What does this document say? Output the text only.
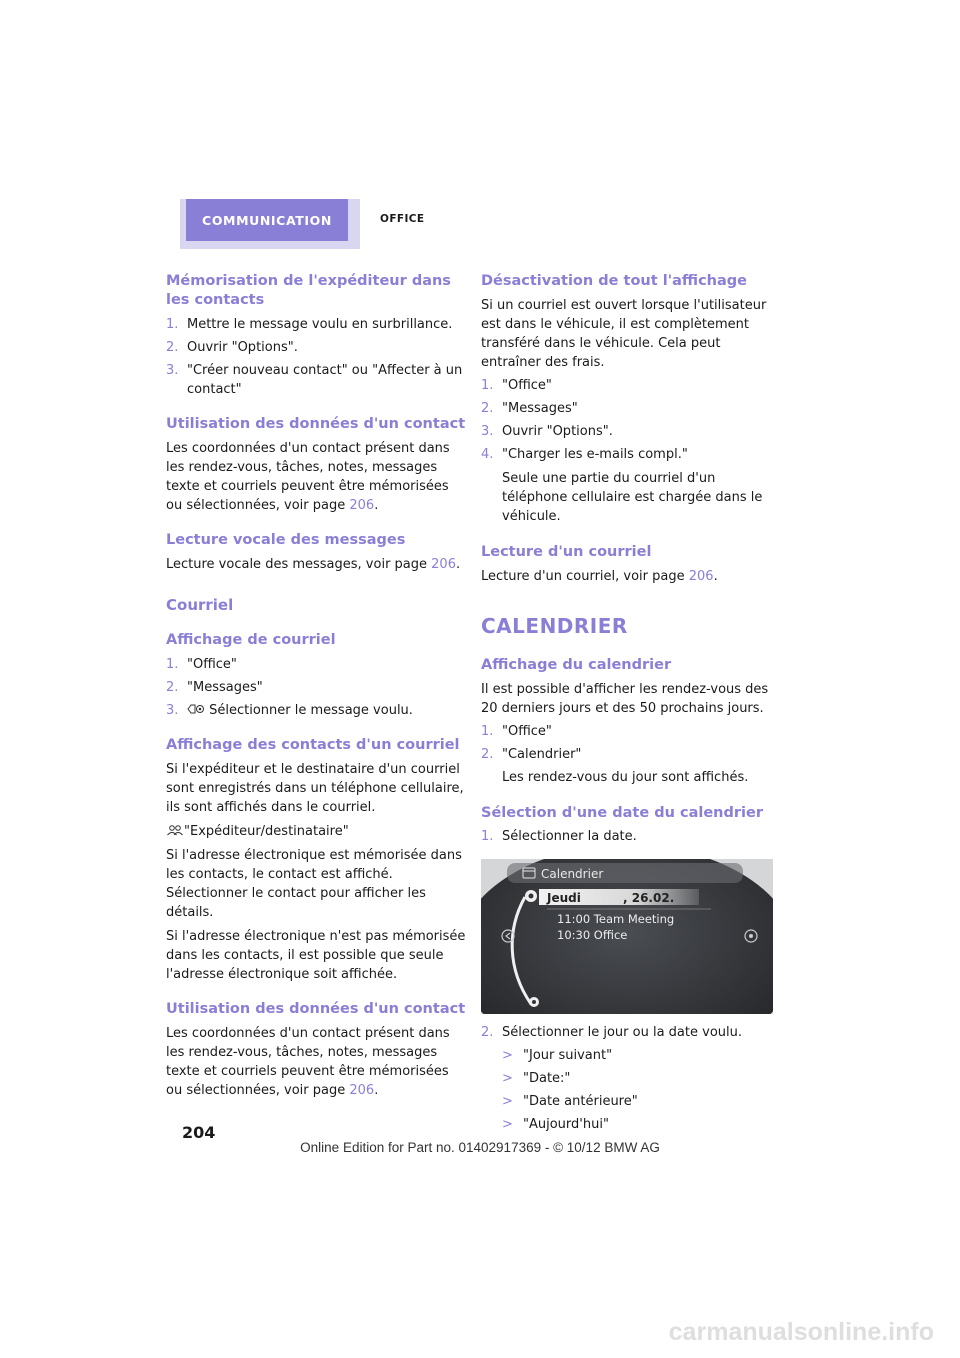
COMMUNICATION	OFFICE
Mémorisation de l'expéditeur dans les contacts
1. Mettre le message voulu en surbrillance.
2. Ouvrir "Options".
3. "Créer nouveau contact" ou "Affecter à un contact"
Utilisation des données d'un contact

Les coordonnées d'un contact présent dans les rendez-vous, tâches, notes, messages texte et courriels peuvent être mémorisées ou sélectionnées, voir page 206.

Lecture vocale des messages

Lecture vocale des messages, voir page 206.

Courriel
Affichage de courriel
1. "Office"
2. "Messages"
3. Sélectionner le message voulu.
Affichage des contacts d'un courriel

Si l'expéditeur et le destinataire d'un courriel sont enregistrés dans un téléphone cellulaire, ils sont affichés dans le courriel.

"Expéditeur/destinataire"

Si l'adresse électronique est mémorisée dans les contacts, le contact est affiché. Sélectionner le contact pour afficher les détails.

Si l'adresse électronique n'est pas mémorisée dans les contacts, il est possible que seule l'adresse électronique soit affichée.

Utilisation des données d'un contact

Les coordonnées d'un contact présent dans les rendez-vous, tâches, notes, messages texte et courriels peuvent être mémorisées ou sélectionnées, voir page 206.

Désactivation de tout l'affichage

Si un courriel est ouvert lorsque l'utilisateur est dans le véhicule, il est complètement transféré dans le véhicule. Cela peut entraîner des frais.

1. "Office"
2. "Messages"
3. Ouvrir "Options".
4. "Charger les e-mails compl."

Seule une partie du courriel d'un téléphone cellulaire est chargée dans le véhicule.

Lecture d'un courriel

Lecture d'un courriel, voir page 206.

CALENDRIER
Affichage du calendrier

Il est possible d'afficher les rendez-vous des 20 derniers jours et des 50 prochains jours.

1. "Office"
2. "Calendrier"

Les rendez-vous du jour sont affichés.

Sélection d'une date du calendrier
1. Sélectionner la date.
Calendrier
Jeudi	, 26.02.
11:00 Team Meeting
10:30 Office
2. Sélectionner le jour ou la date voulu.
> "Jour suivant"
> "Date:"
> "Date antérieure"
> "Aujourd'hui"
204
Online Edition for Part no. 01402917369 - © 10/12 BMW AG
carmanualsonline.info
